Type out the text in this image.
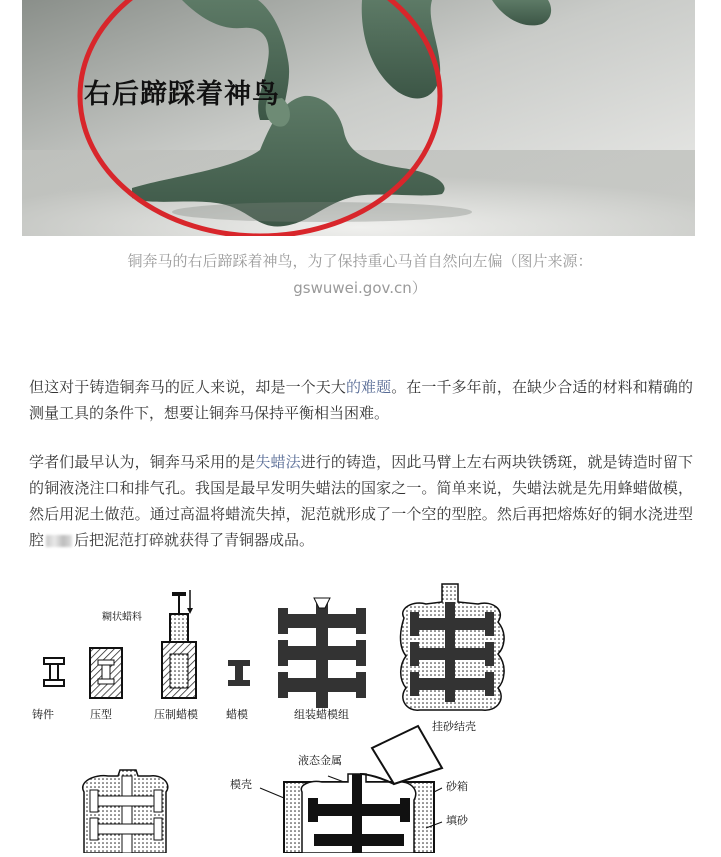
右后蹄踩着神鸟
铜奔马的右后蹄踩着神鸟，为了保持重心马首自然向左偏（图片来源：
gswuwei.gov.cn）

但这对于铸造铜奔马的匠人来说，却是一个天大的难题。在一千多年前，在缺少合适的材料和精确的测量工具的条件下，想要让铜奔马保持平衡相当困难。

学者们最早认为，铜奔马采用的是失蜡法进行的铸造，因此马臂上左右两块铁锈斑，就是铸造时留下的铜液浇注口和排气孔。我国是最早发明失蜡法的国家之一。简单来说，失蜡法就是先用蜂蜡做模，然后用泥土做范。通过高温将蜡流失掉，泥范就形成了一个空的型腔。然后再把熔炼好的铜水浇进型腔 后把泥范打碎就获得了青铜器成品。

铸件	压型	压制蜡模	蜡模
糊状蜡料
组装蜡模组
挂砂结壳
液态金属
模壳	砂箱
填砂
